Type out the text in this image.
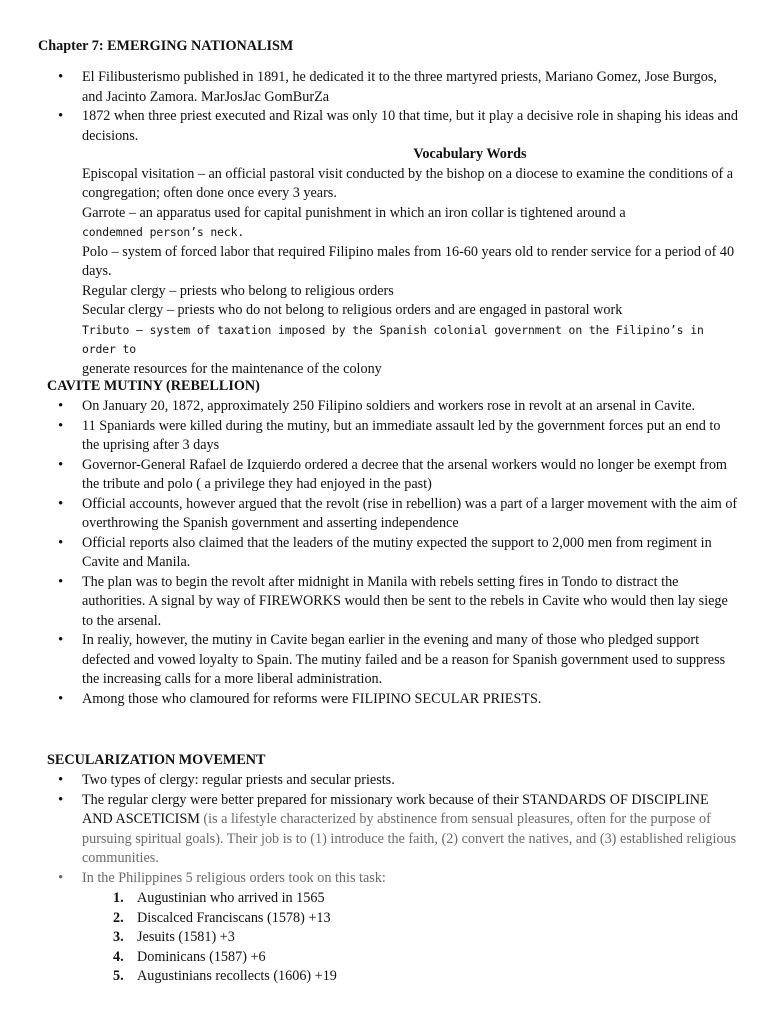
Chapter 7: EMERGING NATIONALISM
• El Filibusterismo published in 1891, he dedicated it to the three martyred priests, Mariano Gomez, Jose Burgos, and Jacinto Zamora. MarJosJac GomBurZa
• 1872 when three priest executed and Rizal was only 10 that time, but it play a decisive role in shaping his ideas and decisions.
Vocabulary Words
Episcopal visitation – an official pastoral visit conducted by the bishop on a diocese to examine the conditions of a congregation; often done once every 3 years.
Garrote – an apparatus used for capital punishment in which an iron collar is tightened around a
condemned person’s neck.
Polo – system of forced labor that required Filipino males from 16-60 years old to render service for a period of 40 days.
Regular clergy – priests who belong to religious orders
Secular clergy – priests who do not belong to religious orders and are engaged in pastoral work
Tributo – system of taxation imposed by the Spanish colonial government on the Filipino’s in order to
generate resources for the maintenance of the colony
CAVITE MUTINY (REBELLION)
• On January 20, 1872, approximately 250 Filipino soldiers and workers rose in revolt at an arsenal in Cavite.
• 11 Spaniards were killed during the mutiny, but an immediate assault led by the government forces put an end to the uprising after 3 days
• Governor-General Rafael de Izquierdo ordered a decree that the arsenal workers would no longer be exempt from the tribute and polo ( a privilege they had enjoyed in the past)
• Official accounts, however argued that the revolt (rise in rebellion) was a part of a larger movement with the aim of overthrowing the Spanish government and asserting independence
• Official reports also claimed that the leaders of the mutiny expected the support to 2,000 men from regiment in Cavite and Manila.
• The plan was to begin the revolt after midnight in Manila with rebels setting fires in Tondo to distract the authorities. A signal by way of FIREWORKS would then be sent to the rebels in Cavite who would then lay siege to the arsenal.
• In realiy, however, the mutiny in Cavite began earlier in the evening and many of those who pledged support defected and vowed loyalty to Spain. The mutiny failed and be a reason for Spanish government used to suppress the increasing calls for a more liberal administration.
• Among those who clamoured for reforms were FILIPINO SECULAR PRIESTS.
SECULARIZATION MOVEMENT
• Two types of clergy: regular priests and secular priests.
• The regular clergy were better prepared for missionary work because of their STANDARDS OF DISCIPLINE AND ASCETICISM (is a lifestyle characterized by abstinence from sensual pleasures, often for the purpose of pursuing spiritual goals). Their job is to (1) introduce the faith, (2) convert the natives, and (3) established religious communities.
• In the Philippines 5 religious orders took on this task:
1. Augustinian who arrived in 1565
2. Discalced Franciscans (1578) +13
3. Jesuits (1581) +3
4. Dominicans (1587) +6
5. Augustinians recollects (1606) +19
